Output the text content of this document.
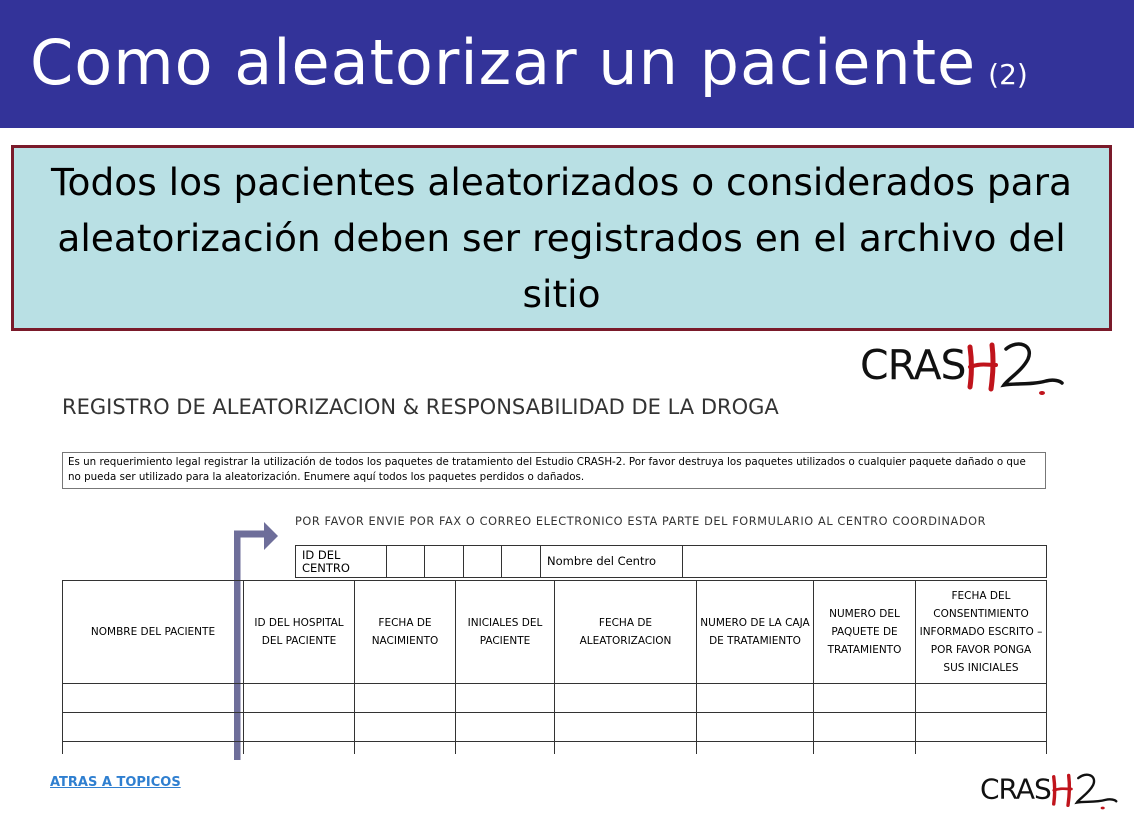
Como aleatorizar un paciente (2)
Todos los pacientes aleatorizados o considerados para aleatorización deben ser registrados en el archivo del sitio
CRAS
REGISTRO DE ALEATORIZACION & RESPONSABILIDAD DE LA DROGA
Es un requerimiento legal registrar la utilización de todos los paquetes de tratamiento del Estudio CRASH-2. Por favor destruya los paquetes utilizados o cualquier paquete dañado o que no pueda ser utilizado para la aleatorización. Enumere aquí todos los paquetes perdidos o dañados.
POR FAVOR ENVIE POR FAX O CORREO ELECTRONICO ESTA PARTE DEL FORMULARIO AL CENTRO COORDINADOR
ID DEL CENTRO					Nombre del Centro	
NOMBRE DEL PACIENTE	ID DEL HOSPITAL DEL PACIENTE	FECHA DE NACIMIENTO	INICIALES DEL PACIENTE	FECHA DE ALEATORIZACION	NUMERO DE LA CAJA DE TRATAMIENTO	NUMERO DEL PAQUETE DE TRATAMIENTO	FECHA DEL CONSENTIMIENTO INFORMADO ESCRITO – POR FAVOR PONGA SUS INICIALES

ATRAS A TOPICOS	CRAS
